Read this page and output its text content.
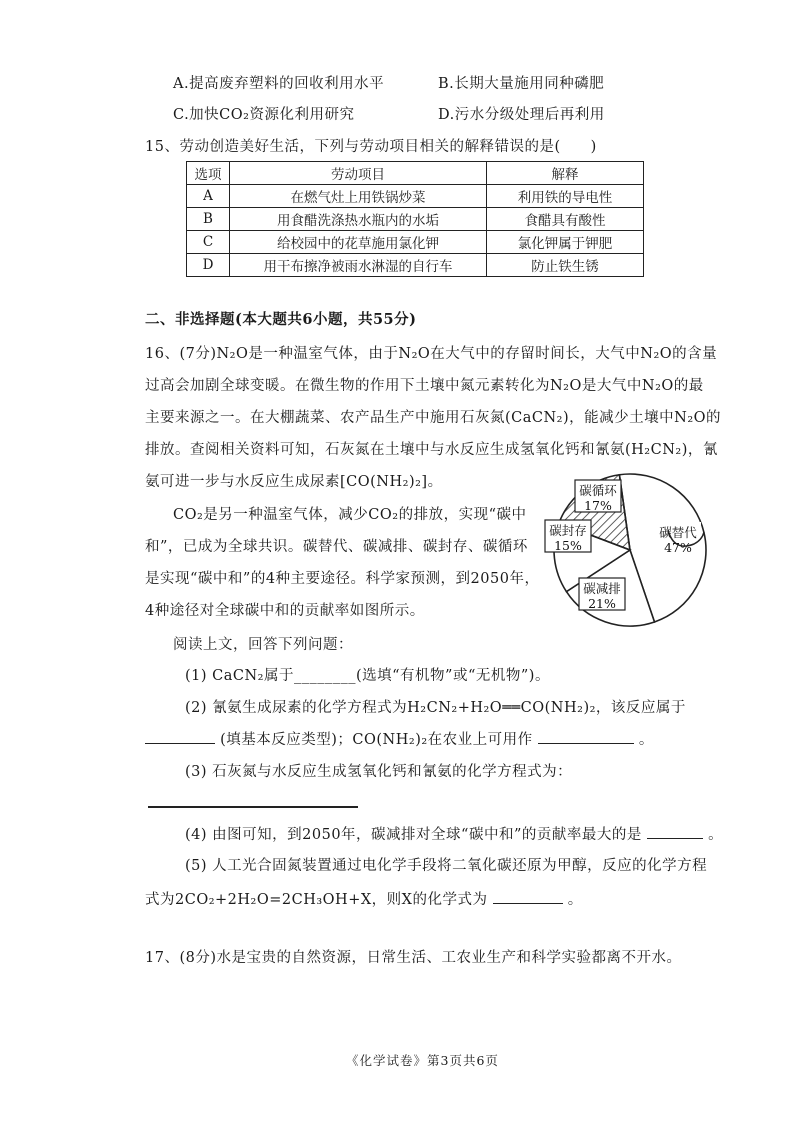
A.提高废弃塑料的回收利用水平	B.长期大量施用同种磷肥
C.加快CO₂资源化利用研究	D.污水分级处理后再利用
15、劳动创造美好生活，下列与劳动项目相关的解释错误的是(　　)
选项	劳动项目	解释
A	在燃气灶上用铁锅炒菜	利用铁的导电性
B	用食醋洗涤热水瓶内的水垢	食醋具有酸性
C	给校园中的花草施用氯化钾	氯化钾属于钾肥
D	用干布擦净被雨水淋湿的自行车	防止铁生锈
二、非选择题(本大题共6小题，共55分)
16、(7分)N₂O是一种温室气体，由于N₂O在大气中的存留时间长，大气中N₂O的含量
过高会加剧全球变暖。在微生物的作用下土壤中氮元素转化为N₂O是大气中N₂O的最
主要来源之一。在大棚蔬菜、农产品生产中施用石灰氮(CaCN₂)，能减少土壤中N₂O的
排放。查阅相关资料可知，石灰氮在土壤中与水反应生成氢氧化钙和氰氨(H₂CN₂)，氰
氨可进一步与水反应生成尿素[CO(NH₂)₂]。
CO₂是另一种温室气体，减少CO₂的排放，实现“碳中
和”，已成为全球共识。碳替代、碳减排、碳封存、碳循环
是实现“碳中和”的4种主要途径。科学家预测，到2050年，
4种途径对全球碳中和的贡献率如图所示。
碳替代
47%
碳减排
21%
碳封存
15%
碳循环
17%
阅读上文，回答下列问题：
(1) CaCN₂属于________(选填“有机物”或“无机物”)。
(2) 氰氨生成尿素的化学方程式为H₂CN₂+H₂O══CO(NH₂)₂，该反应属于
(填基本反应类型)；CO(NH₂)₂在农业上可用作	。
(3) 石灰氮与水反应生成氢氧化钙和氰氨的化学方程式为：
(4) 由图可知，到2050年，碳减排对全球“碳中和”的贡献率最大的是	。
(5) 人工光合固氮装置通过电化学手段将二氧化碳还原为甲醇，反应的化学方程
式为2CO₂+2H₂O=2CH₃OH+X，则X的化学式为	。
17、(8分)水是宝贵的自然资源，日常生活、工农业生产和科学实验都离不开水。
《化学试卷》第3页共6页
